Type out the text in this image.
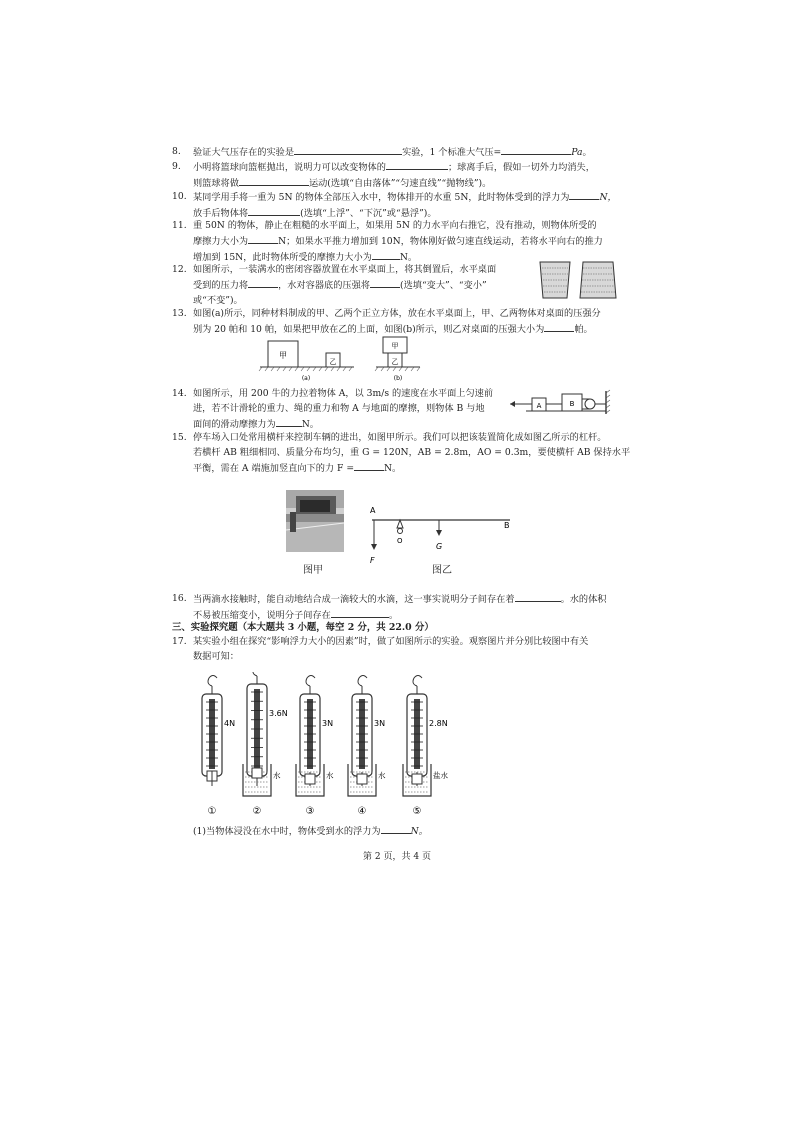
8.	验证大气压存在的实验是	实验，1 个标准大气压=	Pa。
9.	小明将篮球向篮框抛出，说明力可以改变物体的	；球离手后，假如一切外力均消失，
则篮球将做	运动(选填“自由落体”“匀速直线”“抛物线”)。
10. 某同学用手将一重为 5N 的物体全部压入水中，物体排开的水重 5N，此时物体受到的浮力为	N，
放手后物体将	(选填“上浮”、“下沉”或“悬浮”)。
11. 重 50N 的物体，静止在粗糙的水平面上，如果用 5N 的力水平向右推它，没有推动，则物体所受的
摩擦力大小为	N；如果水平推力增加到 10N，物体刚好做匀速直线运动，若将水平向右的推力
增加到 15N，此时物体所受的摩擦力大小为	N。
12. 如图所示，一装满水的密闭容器放置在水平桌面上，将其倒置后，水平桌面
受到的压力将	，水对容器底的压强将	(选填“变大”、“变小”
或“不变”)。
13. 如图(a)所示，同种材料制成的甲、乙两个正立方体，放在水平桌面上，甲、乙两物体对桌面的压强分
别为 20 帕和 10 帕，如果把甲放在乙的上面，如图(b)所示，则乙对桌面的压强大小为	帕。
甲
乙
(a)
甲
乙
(b)
14. 如图所示，用 200 牛的力拉着物体 A，以 3m/s 的速度在水平面上匀速前
进，若不计滑轮的重力、绳的重力和物 A 与地面的摩擦，则物体 B 与地
面间的滑动摩擦力为	N。
A	B
15. 停车场入口处常用横杆来控制车辆的进出，如图甲所示。我们可以把该装置简化成如图乙所示的杠杆。
若横杆 AB 粗细相同、质量分布均匀，重 G = 120N，AB = 2.8m，AO = 0.3m，要使横杆 AB 保持水平
平衡，需在 A 端施加竖直向下的力 F =	N。
图甲
A
B
F
O
G
图乙
16. 当两滴水接触时，能自动地结合成一滴较大的水滴，这一事实说明分子间存在着	。水的体积
不易被压缩变小，说明分子间存在	。
三、实验探究题（本大题共 3 小题，每空 2 分，共 22.0 分）
17. 某实验小组在探究“影响浮力大小的因素”时，做了如图所示的实验。观察图片并分别比较图中有关
数据可知：
4N
①
3.6N
水
②
3N
水
③
3N
水
④
2.8N
盐水
⑤
(1)当物体浸没在水中时，物体受到水的浮力为	N。
第 2 页，共 4 页
